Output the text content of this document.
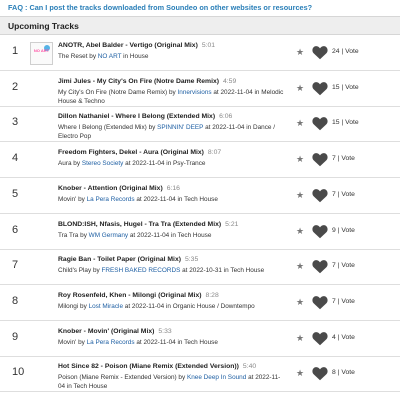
FAQ : Can I post the tracks downloaded from Soundeo on other websites or resources?
Upcoming Tracks
1	NO ART
ANOTR, Abel Balder - Vertigo (Original Mix) 5:01
The Reset by NO ART in House	★	24 | Vote
2	Jimi Jules - My City's On Fire (Notre Dame Remix) 4:59
My City's On Fire (Notre Dame Remix) by Innervisions at 2022-11-04 in Melodic House & Techno
★	15 | Vote
3	Dillon Nathaniel - Where I Belong (Extended Mix) 6:06
Where I Belong (Extended Mix) by SPINNIN' DEEP at 2022-11-04 in Dance / Electro Pop
★	15 | Vote
4	Freedom Fighters, Dekel - Aura (Original Mix) 8:07
Aura by Stereo Society at 2022-11-04 in Psy-Trance	★	7 | Vote
5	Knober - Attention (Original Mix) 6:16
Movin' by La Pera Records at 2022-11-04 in Tech House	★	7 | Vote
6	BLOND:ISH, Nfasis, Hugel - Tra Tra (Extended Mix) 5:21
Tra Tra by WM Germany at 2022-11-04 in Tech House	★	9 | Vote
7	Ragie Ban - Toilet Paper (Original Mix) 5:35
Child's Play by FRESH BAKED RECORDS at 2022-10-31 in Tech House	★	7 | Vote
8	Roy Rosenfeld, Khen - Milongi (Original Mix) 8:28
Milongi by Lost Miracle at 2022-11-04 in Organic House / Downtempo	★	7 | Vote
9	Knober - Movin' (Original Mix) 5:33
Movin' by La Pera Records at 2022-11-04 in Tech House	★	4 | Vote
10	Hot Since 82 - Poison (Miane Remix (Extended Version)) 5:40
Poison (Miane Remix - Extended Version) by Knee Deep In Sound at 2022-11-04 in Tech House
★	8 | Vote
